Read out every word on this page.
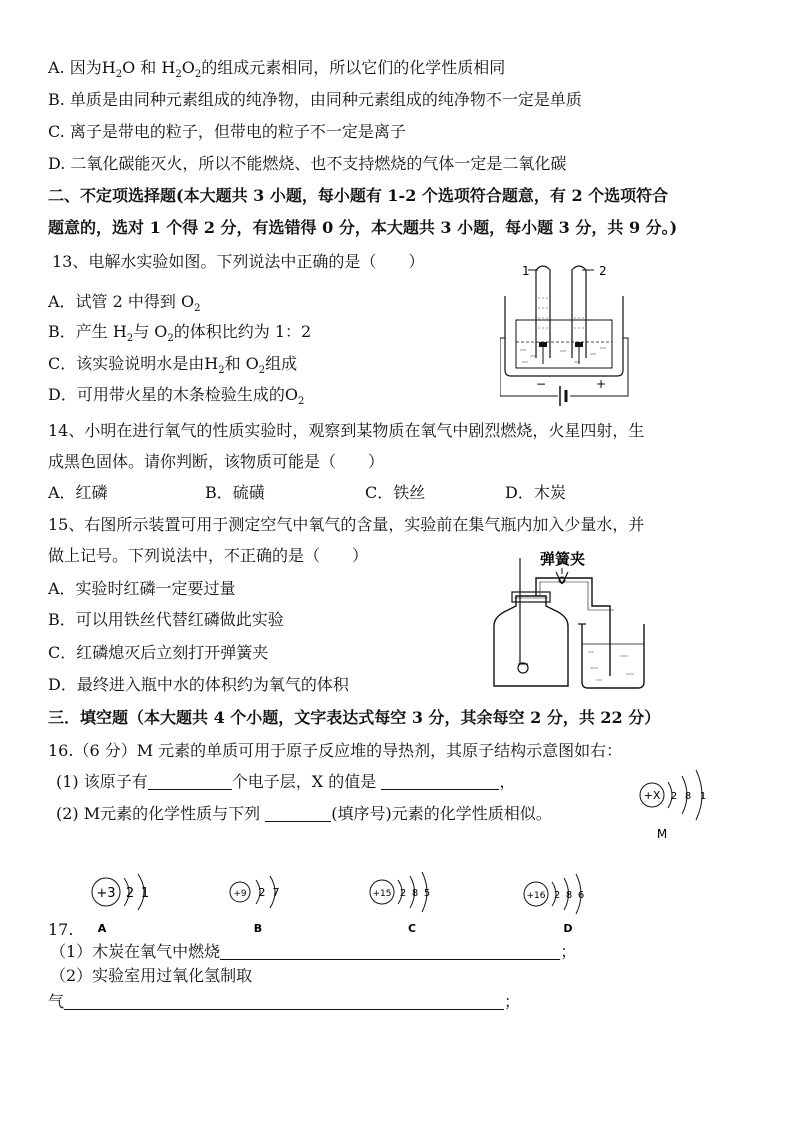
A. 因为$H_2O$ 和 $H_2O_2$的组成元素相同，所以它们的化学性质相同
B. 单质是由同种元素组成的纯净物，由同种元素组成的纯净物不一定是单质
C. 离子是带电的粒子，但带电的粒子不一定是离子
D. 二氧化碳能灭火，所以不能燃烧、也不支持燃烧的气体一定是二氧化碳
二、不定项选择题(本大题共 3 小题，每小题有 1-2 个选项符合题意，有 2 个选项符合
题意的，选对 1 个得 2 分，有选错得 0 分，本大题共 3 小题，每小题 3 分，共 9 分。)
13、电解水实验如图。下列说法中正确的是（　　）
A．试管 2 中得到 $O_2$
B．产生 $H_2$与 $O_2$的体积比约为 1：2
C．该实验说明水是由$H_2$和 $O_2$组成
D．可用带火星的木条检验生成的$O_2$
1	2
−	+
14、小明在进行氧气的性质实验时，观察到某物质在氧气中剧烈燃烧，火星四射，生
成黑色固体。请你判断，该物质可能是（　　）
A．红磷	B．硫磺	C．铁丝	D．木炭
15、右图所示装置可用于测定空气中氧气的含量，实验前在集气瓶内加入少量水，并
做上记号。下列说法中，不正确的是（　　）
A．实验时红磷一定要过量
B．可以用铁丝代替红磷做此实验
C．红磷熄灭后立刻打开弹簧夹
D．最终进入瓶中水的体积约为氧气的体积
弹簧夹
三．填空题（本大题共 4 个小题，文字表达式每空 3 分，其余每空 2 分，共 22 分）
16.（6 分）M 元素的单质可用于原子反应堆的导热剂，其原子结构示意图如右：
(1) 该原子有	个电子层，X 的值是	，
(2) M元素的化学性质与下列	(填序号)元素的化学性质相似。
+X 2 8 1
M
+3 2 1
A
+9 2 7
B
+15 2 8 5
C
+16 2 8 6
D
17.
（1）木炭在氧气中燃烧	；
（2）实验室用过氧化氢制取
气	；
